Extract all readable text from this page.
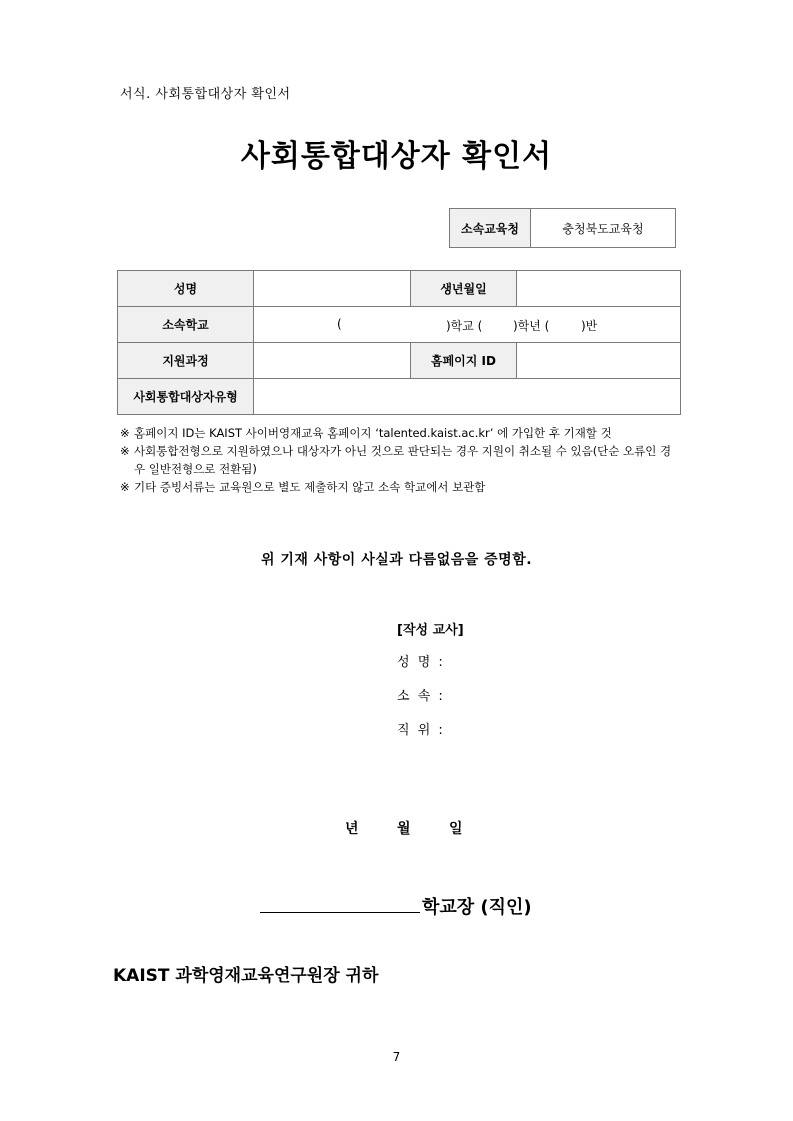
서식. 사회통합대상자 확인서
사회통합대상자 확인서
소속교육청	충청북도교육청
성명		생년월일	
소속학교	( )학교 ( )학년 ( )반		

지원과정		홈페이지 ID	
사회통합대상자유형			
※ 홈페이지 ID는 KAIST 사이버영재교육 홈페이지 ‘talented.kaist.ac.kr’ 에 가입한 후 기재할 것
※ 사회통합전형으로 지원하였으나 대상자가 아닌 것으로 판단되는 경우 지원이 취소될 수 있음(단순 오류인 경우 일반전형으로 전환됨)
※ 기타 증빙서류는 교육원으로 별도 제출하지 않고 소속 학교에서 보관함
위 기재 사항이 사실과 다름없음을 증명함.
[작성 교사]
성 명 :
소 속 :
직 위 :
년	월	일
학교장 (직인)
KAIST 과학영재교육연구원장 귀하
7
